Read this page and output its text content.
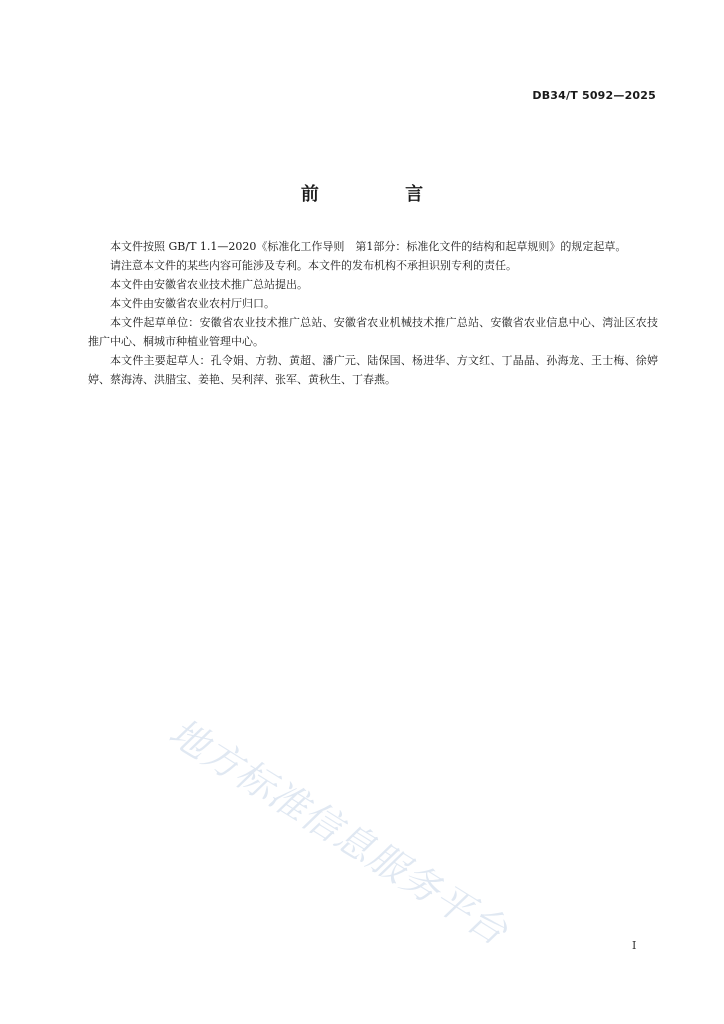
DB34/T 5092—2025
前 言

本文件按照 GB/T 1.1—2020《标准化工作导则　第1部分：标准化文件的结构和起草规则》的规定起草。

请注意本文件的某些内容可能涉及专利。本文件的发布机构不承担识别专利的责任。

本文件由安徽省农业技术推广总站提出。

本文件由安徽省农业农村厅归口。

本文件起草单位：安徽省农业技术推广总站、安徽省农业机械技术推广总站、安徽省农业信息中心、湾沚区农技推广中心、桐城市种植业管理中心。

本文件主要起草人：孔令娟、方勃、黄超、潘广元、陆保国、杨进华、方文红、丁晶晶、孙海龙、王士梅、徐婷婷、蔡海涛、洪腊宝、姜艳、吴利萍、张军、黄秋生、丁春燕。

地方标准信息服务平台	I
